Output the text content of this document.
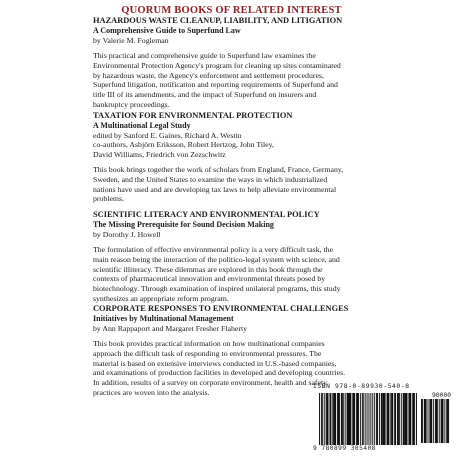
QUORUM BOOKS OF RELATED INTEREST
HAZARDOUS WASTE CLEANUP, LIABILITY, AND LITIGATION
A Comprehensive Guide to Superfund Law
by Valerie M. Fogleman

This practical and comprehensive guide to Superfund law examines the

Environmental Protection Agency's program for cleaning up sites contaminated

by hazardous waste, the Agency's enforcement and settlement procedures,

Superfund litigation, notification and reporting requirements of Superfund and

title III of its amendments, and the impact of Superfund on insurers and

bankruptcy proceedings.

TAXATION FOR ENVIRONMENTAL PROTECTION
A Multinational Legal Study
edited by Sanford E. Gaines, Richard A. Westin
co-authors, Asbjörn Eriksson, Robert Hertzog, John Tiley,
David Williams, Friedrich von Zezschwitz

This book brings together the work of scholars from England, France, Germany,

Sweden, and the United States to examine the ways in which industrialized

nations have used and are developing tax laws to help alleviate environmental

problems.

SCIENTIFIC LITERACY AND ENVIRONMENTAL POLICY
The Missing Prerequisite for Sound Decision Making
by Dorothy J. Howell

The formulation of effective environmental policy is a very difficult task, the

main reason being the interaction of the politico-legal system with science, and

scientific illiteracy. These dilemmas are explored in this book through the

contexts of pharmaceutical innovation and environmental threats posed by

biotechnology. Through examination of inspired unilateral programs, this study

synthesizes an appropriate reform program.

CORPORATE RESPONSES TO ENVIRONMENTAL CHALLENGES
Initiatives by Multinational Management
by Ann Rappaport and Margaret Fresher Flaherty

This book provides practical information on how multinational companies

approach the difficult task of responding to environmental pressures. The

material is based on extensive interviews conducted in U.S.-based companies,

and examinations of production facilities in developed and developing countries.

In addition, results of a survey on corporate environment, health and safety

practices are woven into the analysis.

ISBN 978-0-89930-540-8
90000
9 780899 305408
